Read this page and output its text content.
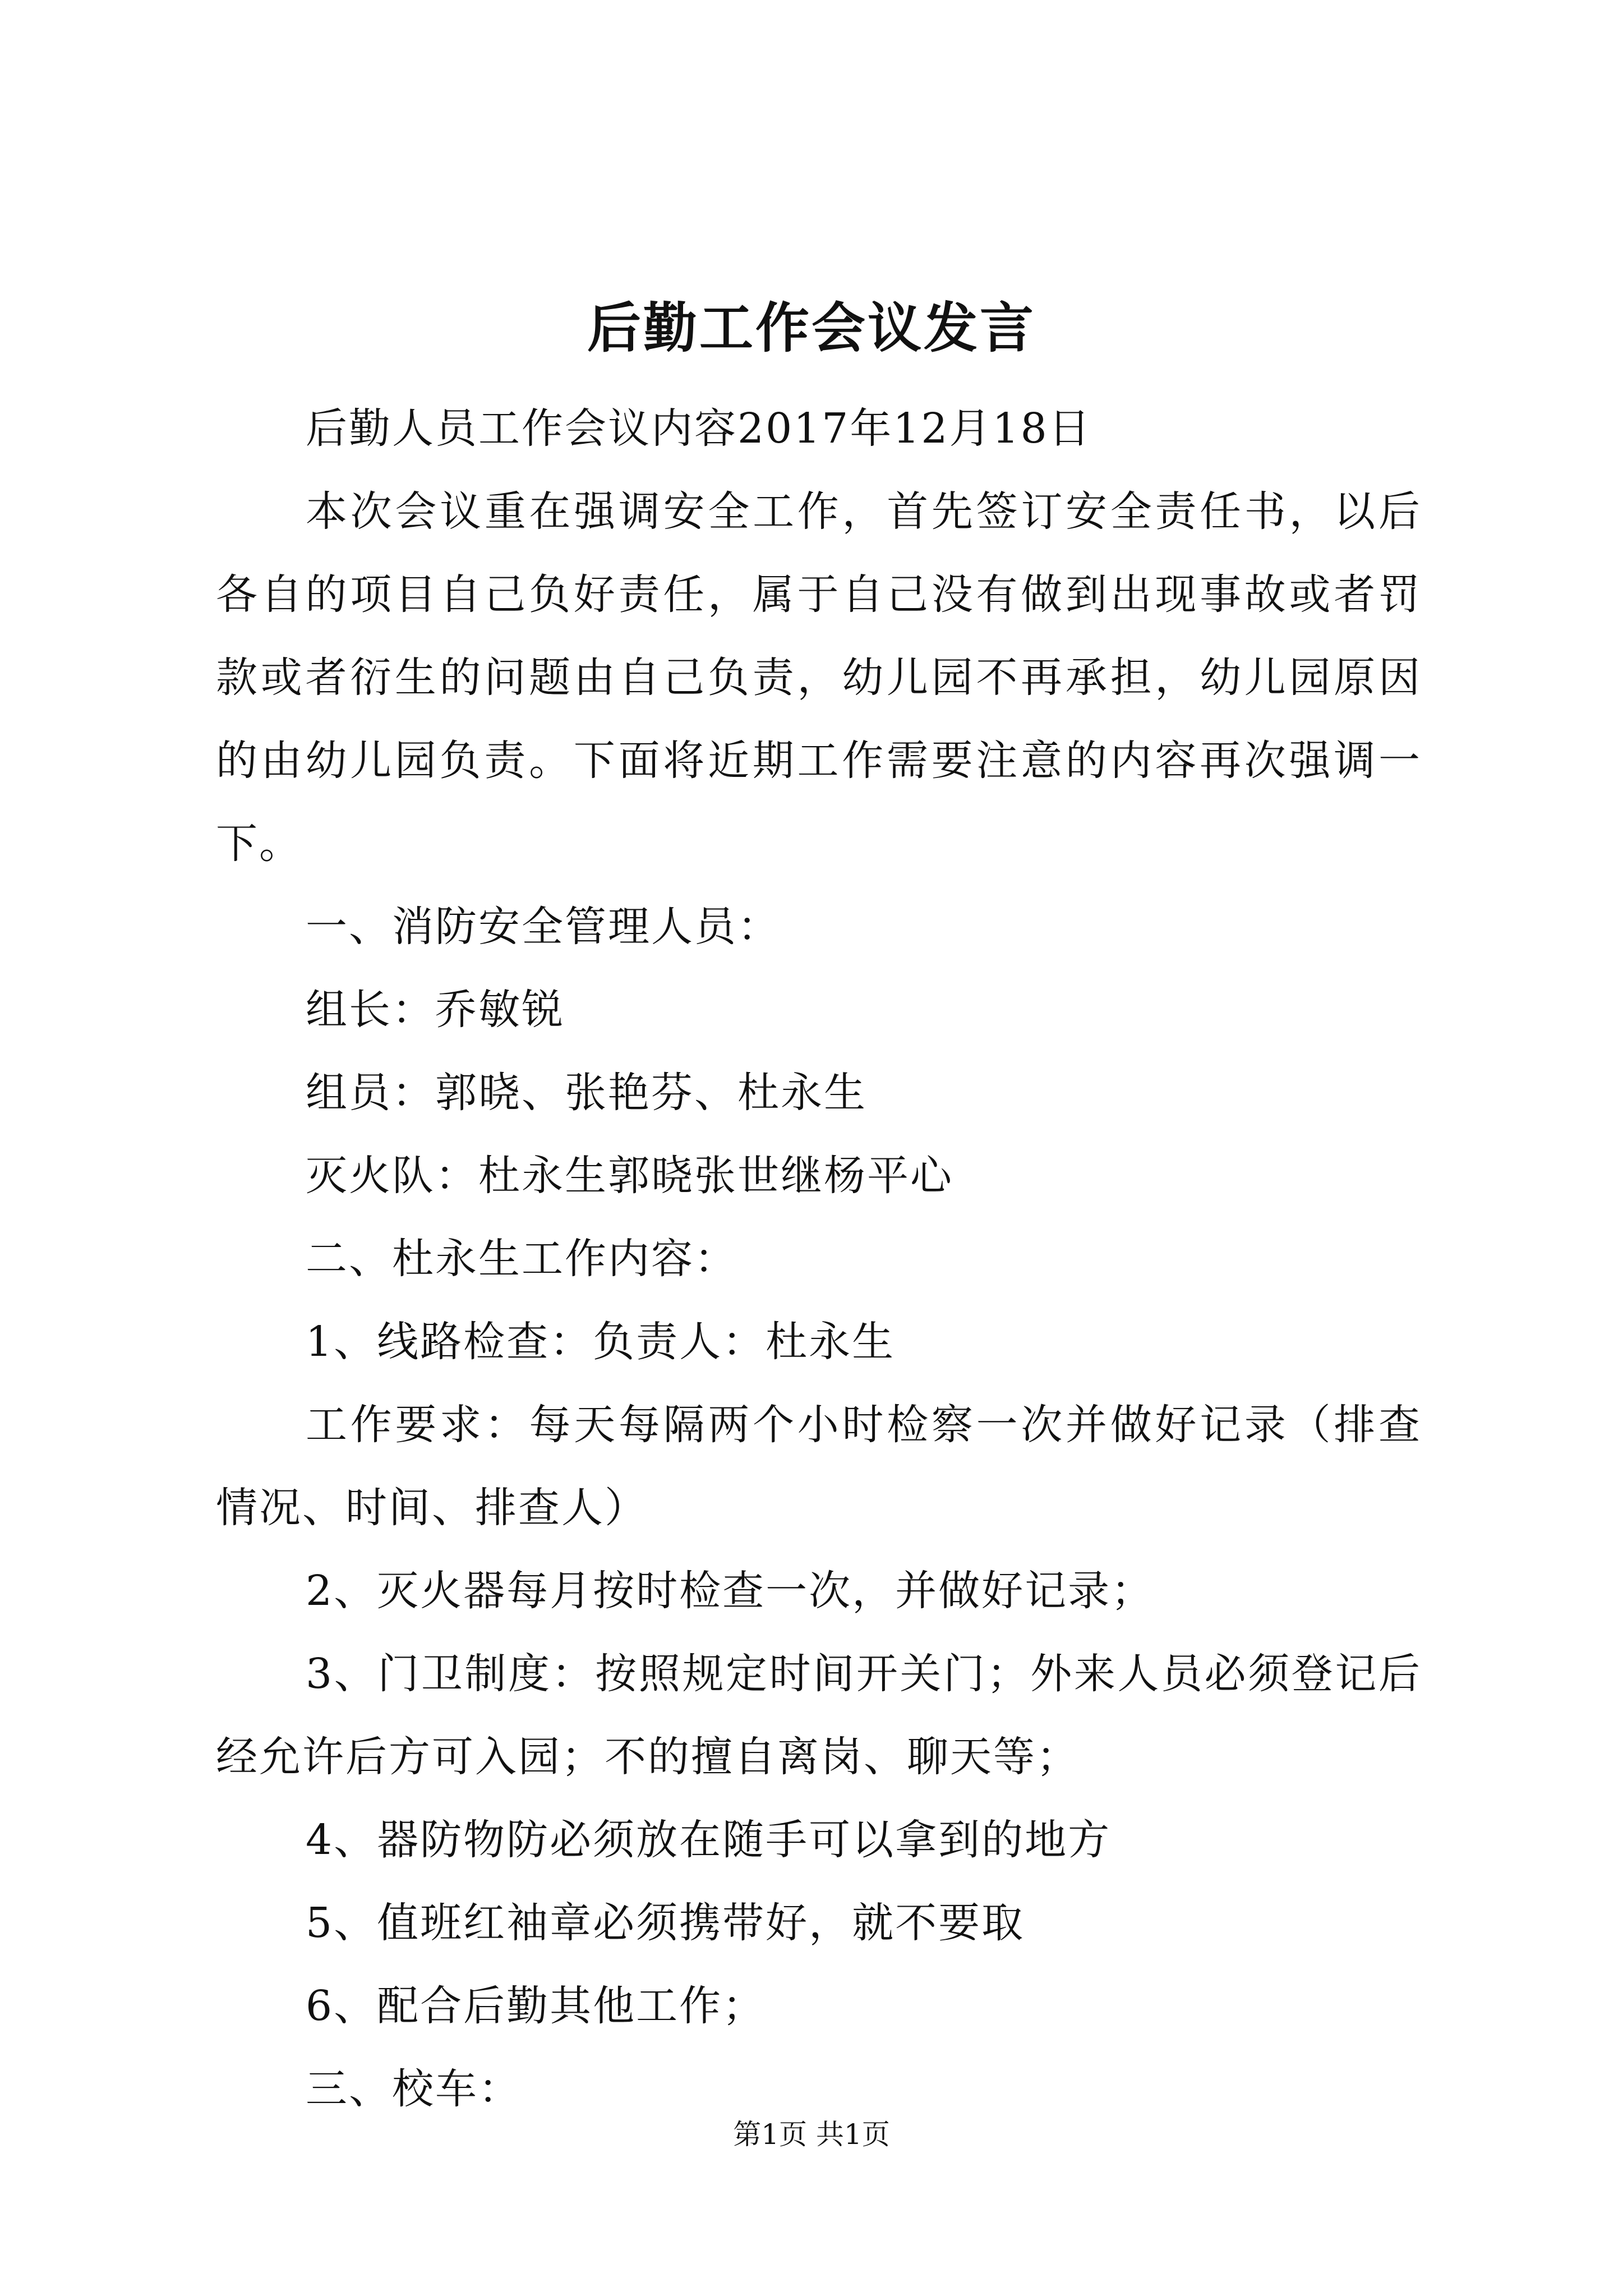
后勤工作会议发言

后勤人员工作会议内容2017年12月18日

本次会议重在强调安全工作，首先签订安全责任书，以后各自的项目自己负好责任，属于自己没有做到出现事故或者罚款或者衍生的问题由自己负责，幼儿园不再承担，幼儿园原因的由幼儿园负责。下面将近期工作需要注意的内容再次强调一下。

一、消防安全管理人员：

组长：乔敏锐

组员：郭晓、张艳芬、杜永生

灭火队：杜永生郭晓张世继杨平心

二、杜永生工作内容：

1、线路检查：负责人：杜永生

工作要求：每天每隔两个小时检察一次并做好记录（排查情况、时间、排查人）

2、灭火器每月按时检查一次，并做好记录；

3、门卫制度：按照规定时间开关门；外来人员必须登记后经允许后方可入园；不的擅自离岗、聊天等；

4、器防物防必须放在随手可以拿到的地方

5、值班红袖章必须携带好，就不要取

6、配合后勤其他工作；

三、校车：

第1页 共1页
